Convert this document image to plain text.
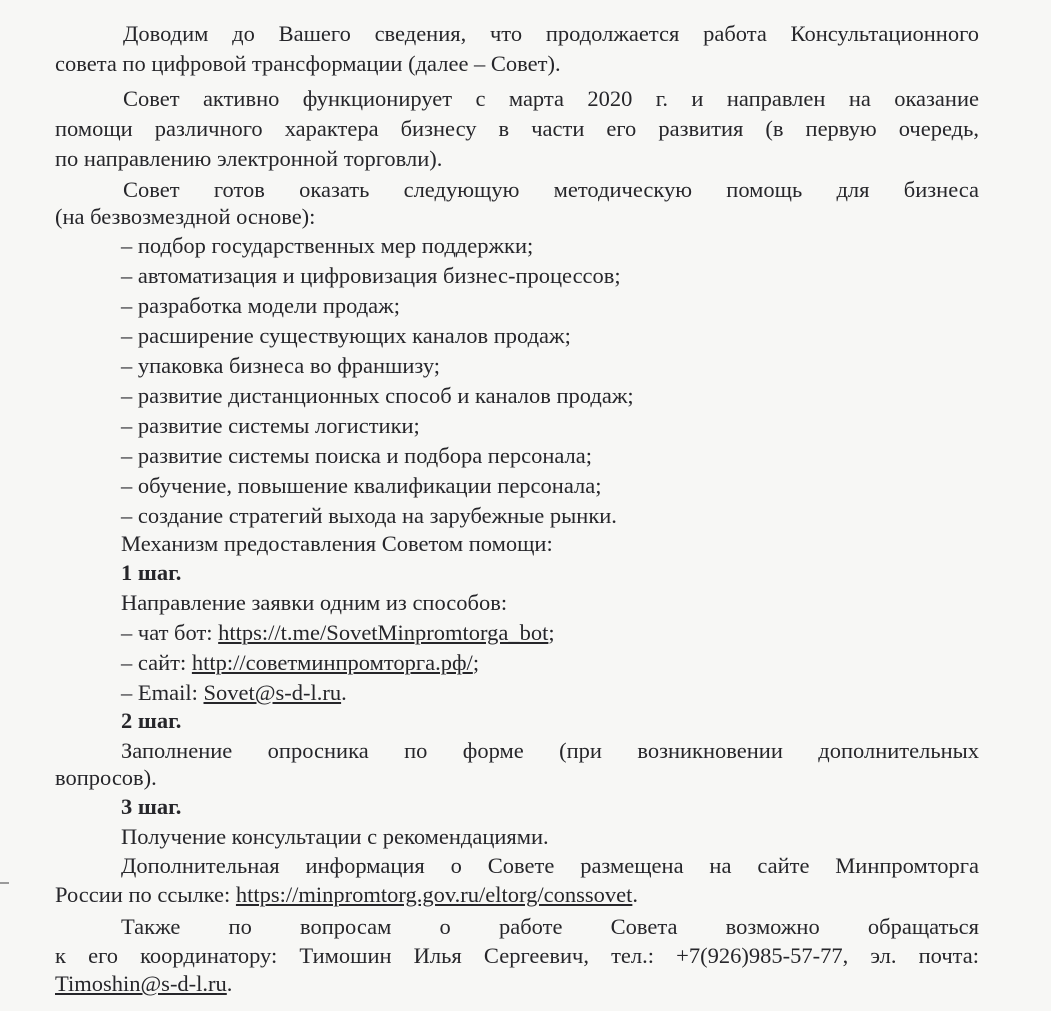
Доводим до Вашего сведения, что продолжается работа Консультационного
совета по цифровой трансформации (далее – Совет).
Совет активно функционирует с марта 2020 г. и направлен на оказание
помощи различного характера бизнесу в части его развития (в первую очередь,
по направлению электронной торговли).
Совет готов оказать следующую методическую помощь для бизнеса
(на безвозмездной основе):
– подбор государственных мер поддержки;
– автоматизация и цифровизация бизнес-процессов;
– разработка модели продаж;
– расширение существующих каналов продаж;
– упаковка бизнеса во франшизу;
– развитие дистанционных способ и каналов продаж;
– развитие системы логистики;
– развитие системы поиска и подбора персонала;
– обучение, повышение квалификации персонала;
– создание стратегий выхода на зарубежные рынки.
Механизм предоставления Советом помощи:
1 шаг.
Направление заявки одним из способов:
– чат бот: https://t.me/SovetMinpromtorga_bot;
– сайт: http://советминпромторга.рф/;
– Email: Sovet@s-d-l.ru.
2 шаг.
Заполнение опросника по форме (при возникновении дополнительных
вопросов).
3 шаг.
Получение консультации с рекомендациями.
Дополнительная информация о Совете размещена на сайте Минпромторга
России по ссылке: https://minpromtorg.gov.ru/eltorg/conssovet.
Также по вопросам о работе Совета возможно обращаться
к его координатору: Тимошин Илья Сергеевич, тел.: +7(926)985-57-77, эл. почта:
Timoshin@s-d-l.ru.
